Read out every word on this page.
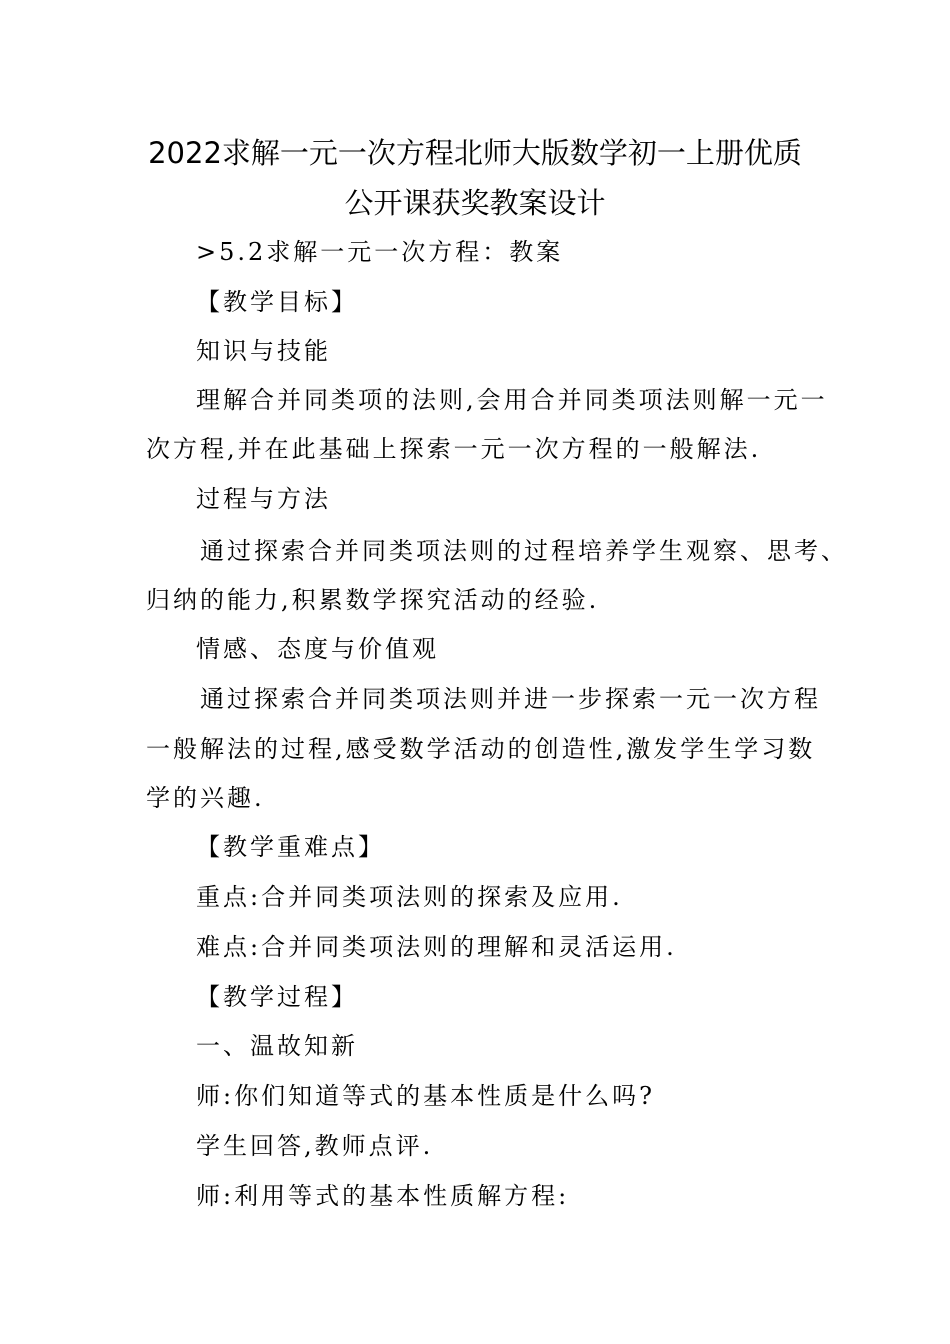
2022求解一元一次方程北师大版数学初一上册优质
公开课获奖教案设计
>5.2求解一元一次方程：教案
【教学目标】
知识与技能
理解合并同类项的法则,会用合并同类项法则解一元一
次方程,并在此基础上探索一元一次方程的一般解法.
过程与方法
通过探索合并同类项法则的过程培养学生观察、思考、
归纳的能力,积累数学探究活动的经验.
情感、态度与价值观
通过探索合并同类项法则并进一步探索一元一次方程
一般解法的过程,感受数学活动的创造性,激发学生学习数
学的兴趣.
【教学重难点】
重点:合并同类项法则的探索及应用.
难点:合并同类项法则的理解和灵活运用.
【教学过程】
一、温故知新
师:你们知道等式的基本性质是什么吗?
学生回答,教师点评.
师:利用等式的基本性质解方程:
